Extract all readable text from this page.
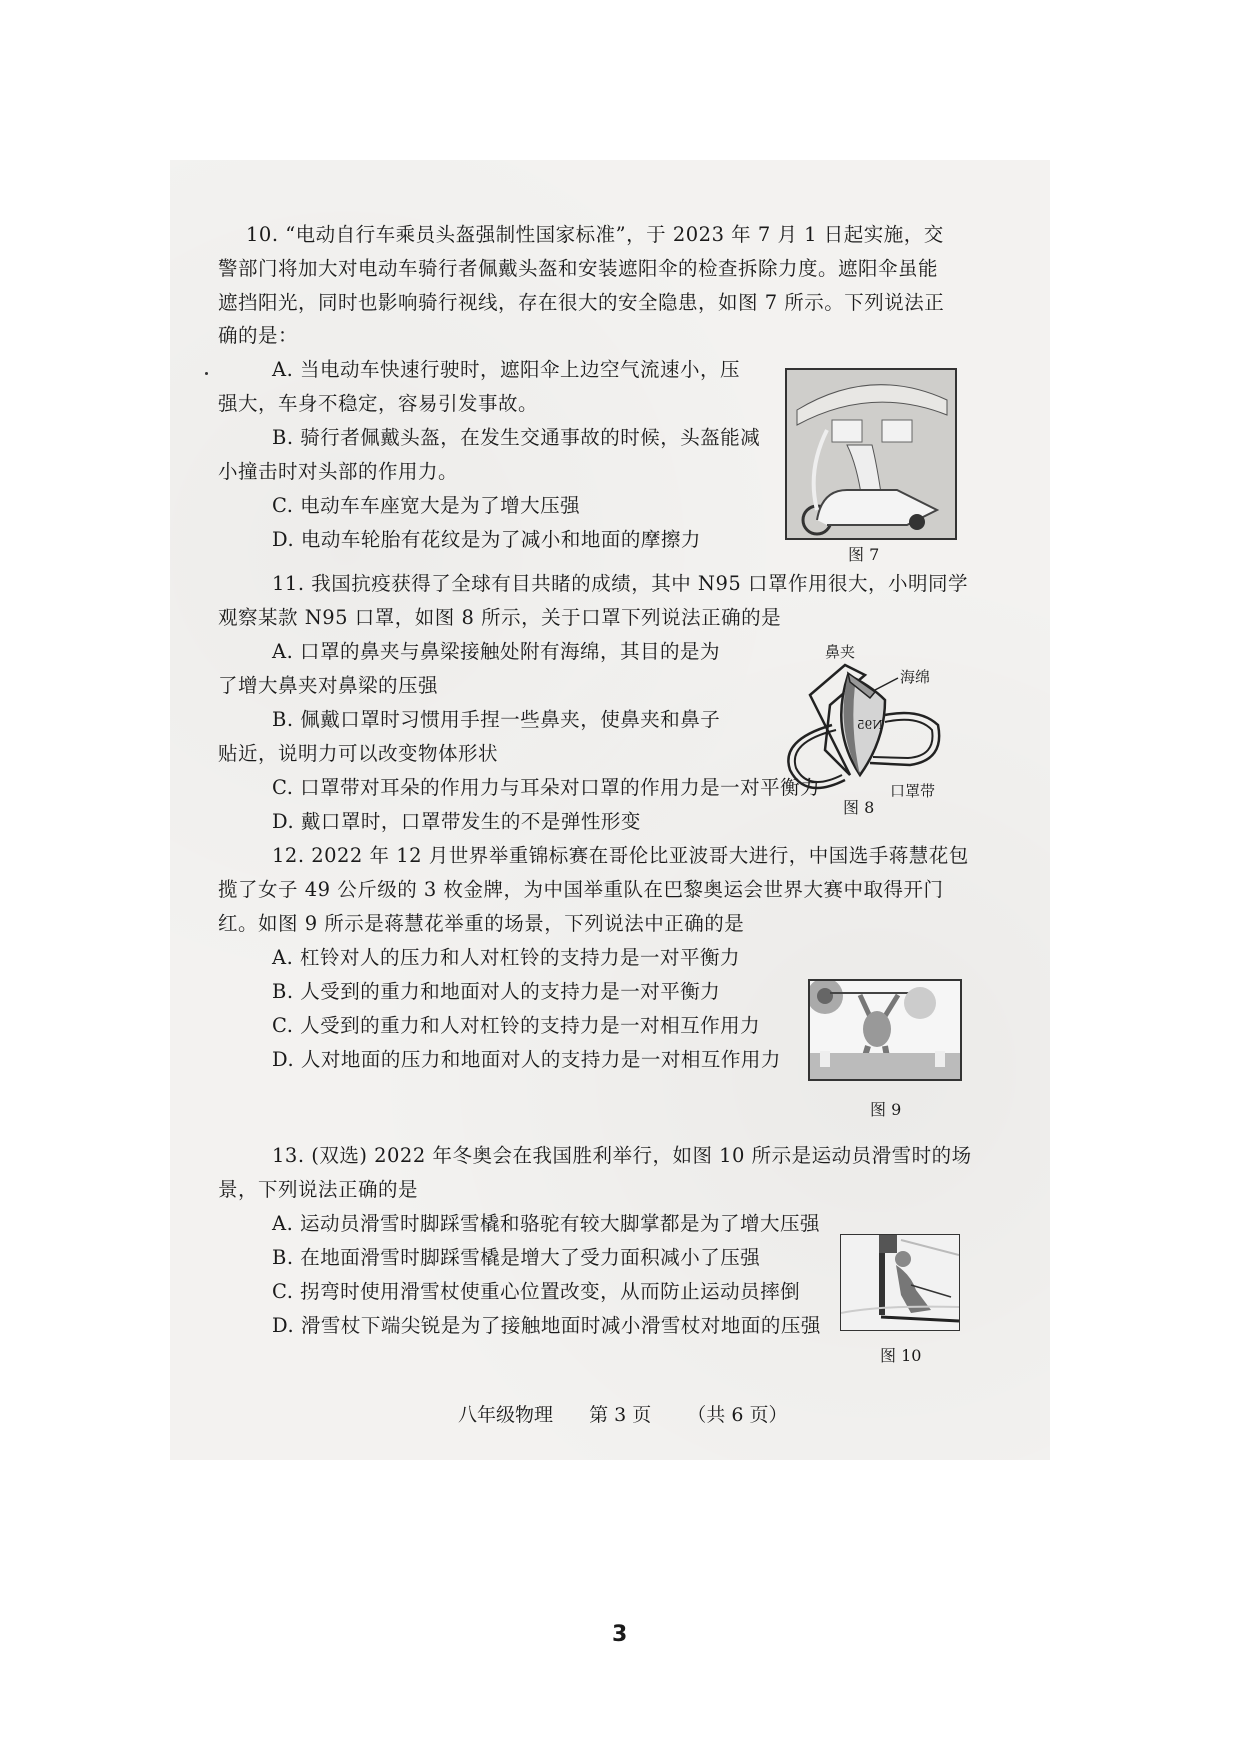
10. “电动自行车乘员头盔强制性国家标准”，于 2023 年 7 月 1 日起实施，交
警部门将加大对电动车骑行者佩戴头盔和安装遮阳伞的检查拆除力度。遮阳伞虽能
遮挡阳光，同时也影响骑行视线，存在很大的安全隐患，如图 7 所示。下列说法正
确的是：
A. 当电动车快速行驶时，遮阳伞上边空气流速小，压
强大，车身不稳定，容易引发事故。
B. 骑行者佩戴头盔，在发生交通事故的时候，头盔能减
小撞击时对头部的作用力。
C. 电动车车座宽大是为了增大压强
D. 电动车轮胎有花纹是为了减小和地面的摩擦力
图 7
11. 我国抗疫获得了全球有目共睹的成绩，其中 N95 口罩作用很大，小明同学
观察某款 N95 口罩，如图 8 所示，关于口罩下列说法正确的是
A. 口罩的鼻夹与鼻梁接触处附有海绵，其目的是为
了增大鼻夹对鼻梁的压强
B. 佩戴口罩时习惯用手捏一些鼻夹，使鼻夹和鼻子
贴近，说明力可以改变物体形状
C. 口罩带对耳朵的作用力与耳朵对口罩的作用力是一对平衡力
D. 戴口罩时，口罩带发生的不是弹性形变
鼻夹
海绵
N95
口罩带
图 8
12. 2022 年 12 月世界举重锦标赛在哥伦比亚波哥大进行，中国选手蒋慧花包
揽了女子 49 公斤级的 3 枚金牌，为中国举重队在巴黎奥运会世界大赛中取得开门
红。如图 9 所示是蒋慧花举重的场景，下列说法中正确的是
A. 杠铃对人的压力和人对杠铃的支持力是一对平衡力
B. 人受到的重力和地面对人的支持力是一对平衡力
C. 人受到的重力和人对杠铃的支持力是一对相互作用力
D. 人对地面的压力和地面对人的支持力是一对相互作用力
图 9
13. (双选) 2022 年冬奥会在我国胜利举行，如图 10 所示是运动员滑雪时的场
景，下列说法正确的是
A. 运动员滑雪时脚踩雪橇和骆驼有较大脚掌都是为了增大压强
B. 在地面滑雪时脚踩雪橇是增大了受力面积减小了压强
C. 拐弯时使用滑雪杖使重心位置改变，从而防止运动员摔倒
D. 滑雪杖下端尖锐是为了接触地面时减小滑雪杖对地面的压强
图 10
八年级物理 第 3 页 （共 6 页）
3
